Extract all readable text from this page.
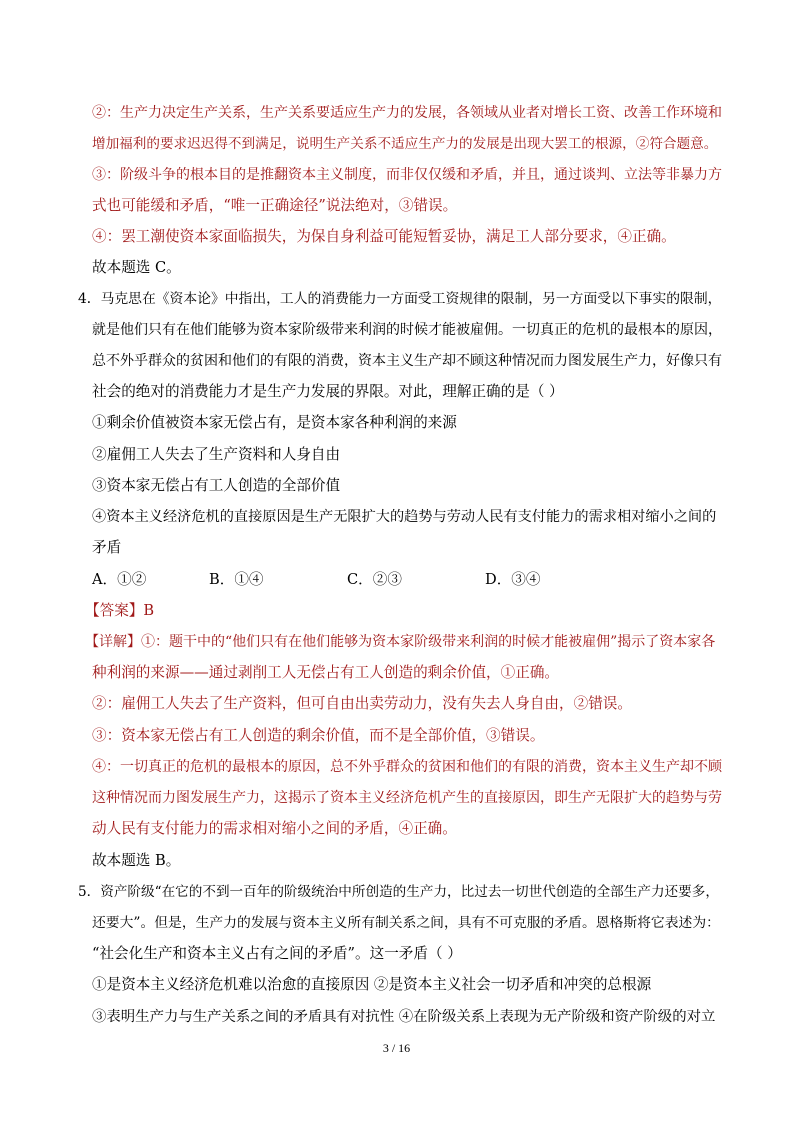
②：生产力决定生产关系，生产关系要适应生产力的发展，各领域从业者对增长工资、改善工作环境和
增加福利的要求迟迟得不到满足，说明生产关系不适应生产力的发展是出现大罢工的根源，②符合题意。
③：阶级斗争的根本目的是推翻资本主义制度，而非仅仅缓和矛盾，并且，通过谈判、立法等非暴力方
式也可能缓和矛盾，“唯一正确途径”说法绝对，③错误。
④：罢工潮使资本家面临损失，为保自身利益可能短暂妥协，满足工人部分要求，④正确。
故本题选 C。
4．马克思在《资本论》中指出，工人的消费能力一方面受工资规律的限制，另一方面受以下事实的限制，
就是他们只有在他们能够为资本家阶级带来利润的时候才能被雇佣。一切真正的危机的最根本的原因，
总不外乎群众的贫困和他们的有限的消费，资本主义生产却不顾这种情况而力图发展生产力，好像只有
社会的绝对的消费能力才是生产力发展的界限。对此，理解正确的是（ ）
①剩余价值被资本家无偿占有，是资本家各种利润的来源
②雇佣工人失去了生产资料和人身自由
③资本家无偿占有工人创造的全部价值
④资本主义经济危机的直接原因是生产无限扩大的趋势与劳动人民有支付能力的需求相对缩小之间的
矛盾
A．①②	B．①④	C．②③	D．③④
【答案】B
【详解】①：题干中的“他们只有在他们能够为资本家阶级带来利润的时候才能被雇佣”揭示了资本家各
种利润的来源——通过剥削工人无偿占有工人创造的剩余价值，①正确。
②：雇佣工人失去了生产资料，但可自由出卖劳动力，没有失去人身自由，②错误。
③：资本家无偿占有工人创造的剩余价值，而不是全部价值，③错误。
④：一切真正的危机的最根本的原因，总不外乎群众的贫困和他们的有限的消费，资本主义生产却不顾
这种情况而力图发展生产力，这揭示了资本主义经济危机产生的直接原因，即生产无限扩大的趋势与劳
动人民有支付能力的需求相对缩小之间的矛盾，④正确。
故本题选 B。
5．资产阶级“在它的不到一百年的阶级统治中所创造的生产力，比过去一切世代创造的全部生产力还要多，
还要大”。但是，生产力的发展与资本主义所有制关系之间，具有不可克服的矛盾。恩格斯将它表述为：
“社会化生产和资本主义占有之间的矛盾”。这一矛盾（ ）
①是资本主义经济危机难以治愈的直接原因 ②是资本主义社会一切矛盾和冲突的总根源
③表明生产力与生产关系之间的矛盾具有对抗性 ④在阶级关系上表现为无产阶级和资产阶级的对立
3 / 16
